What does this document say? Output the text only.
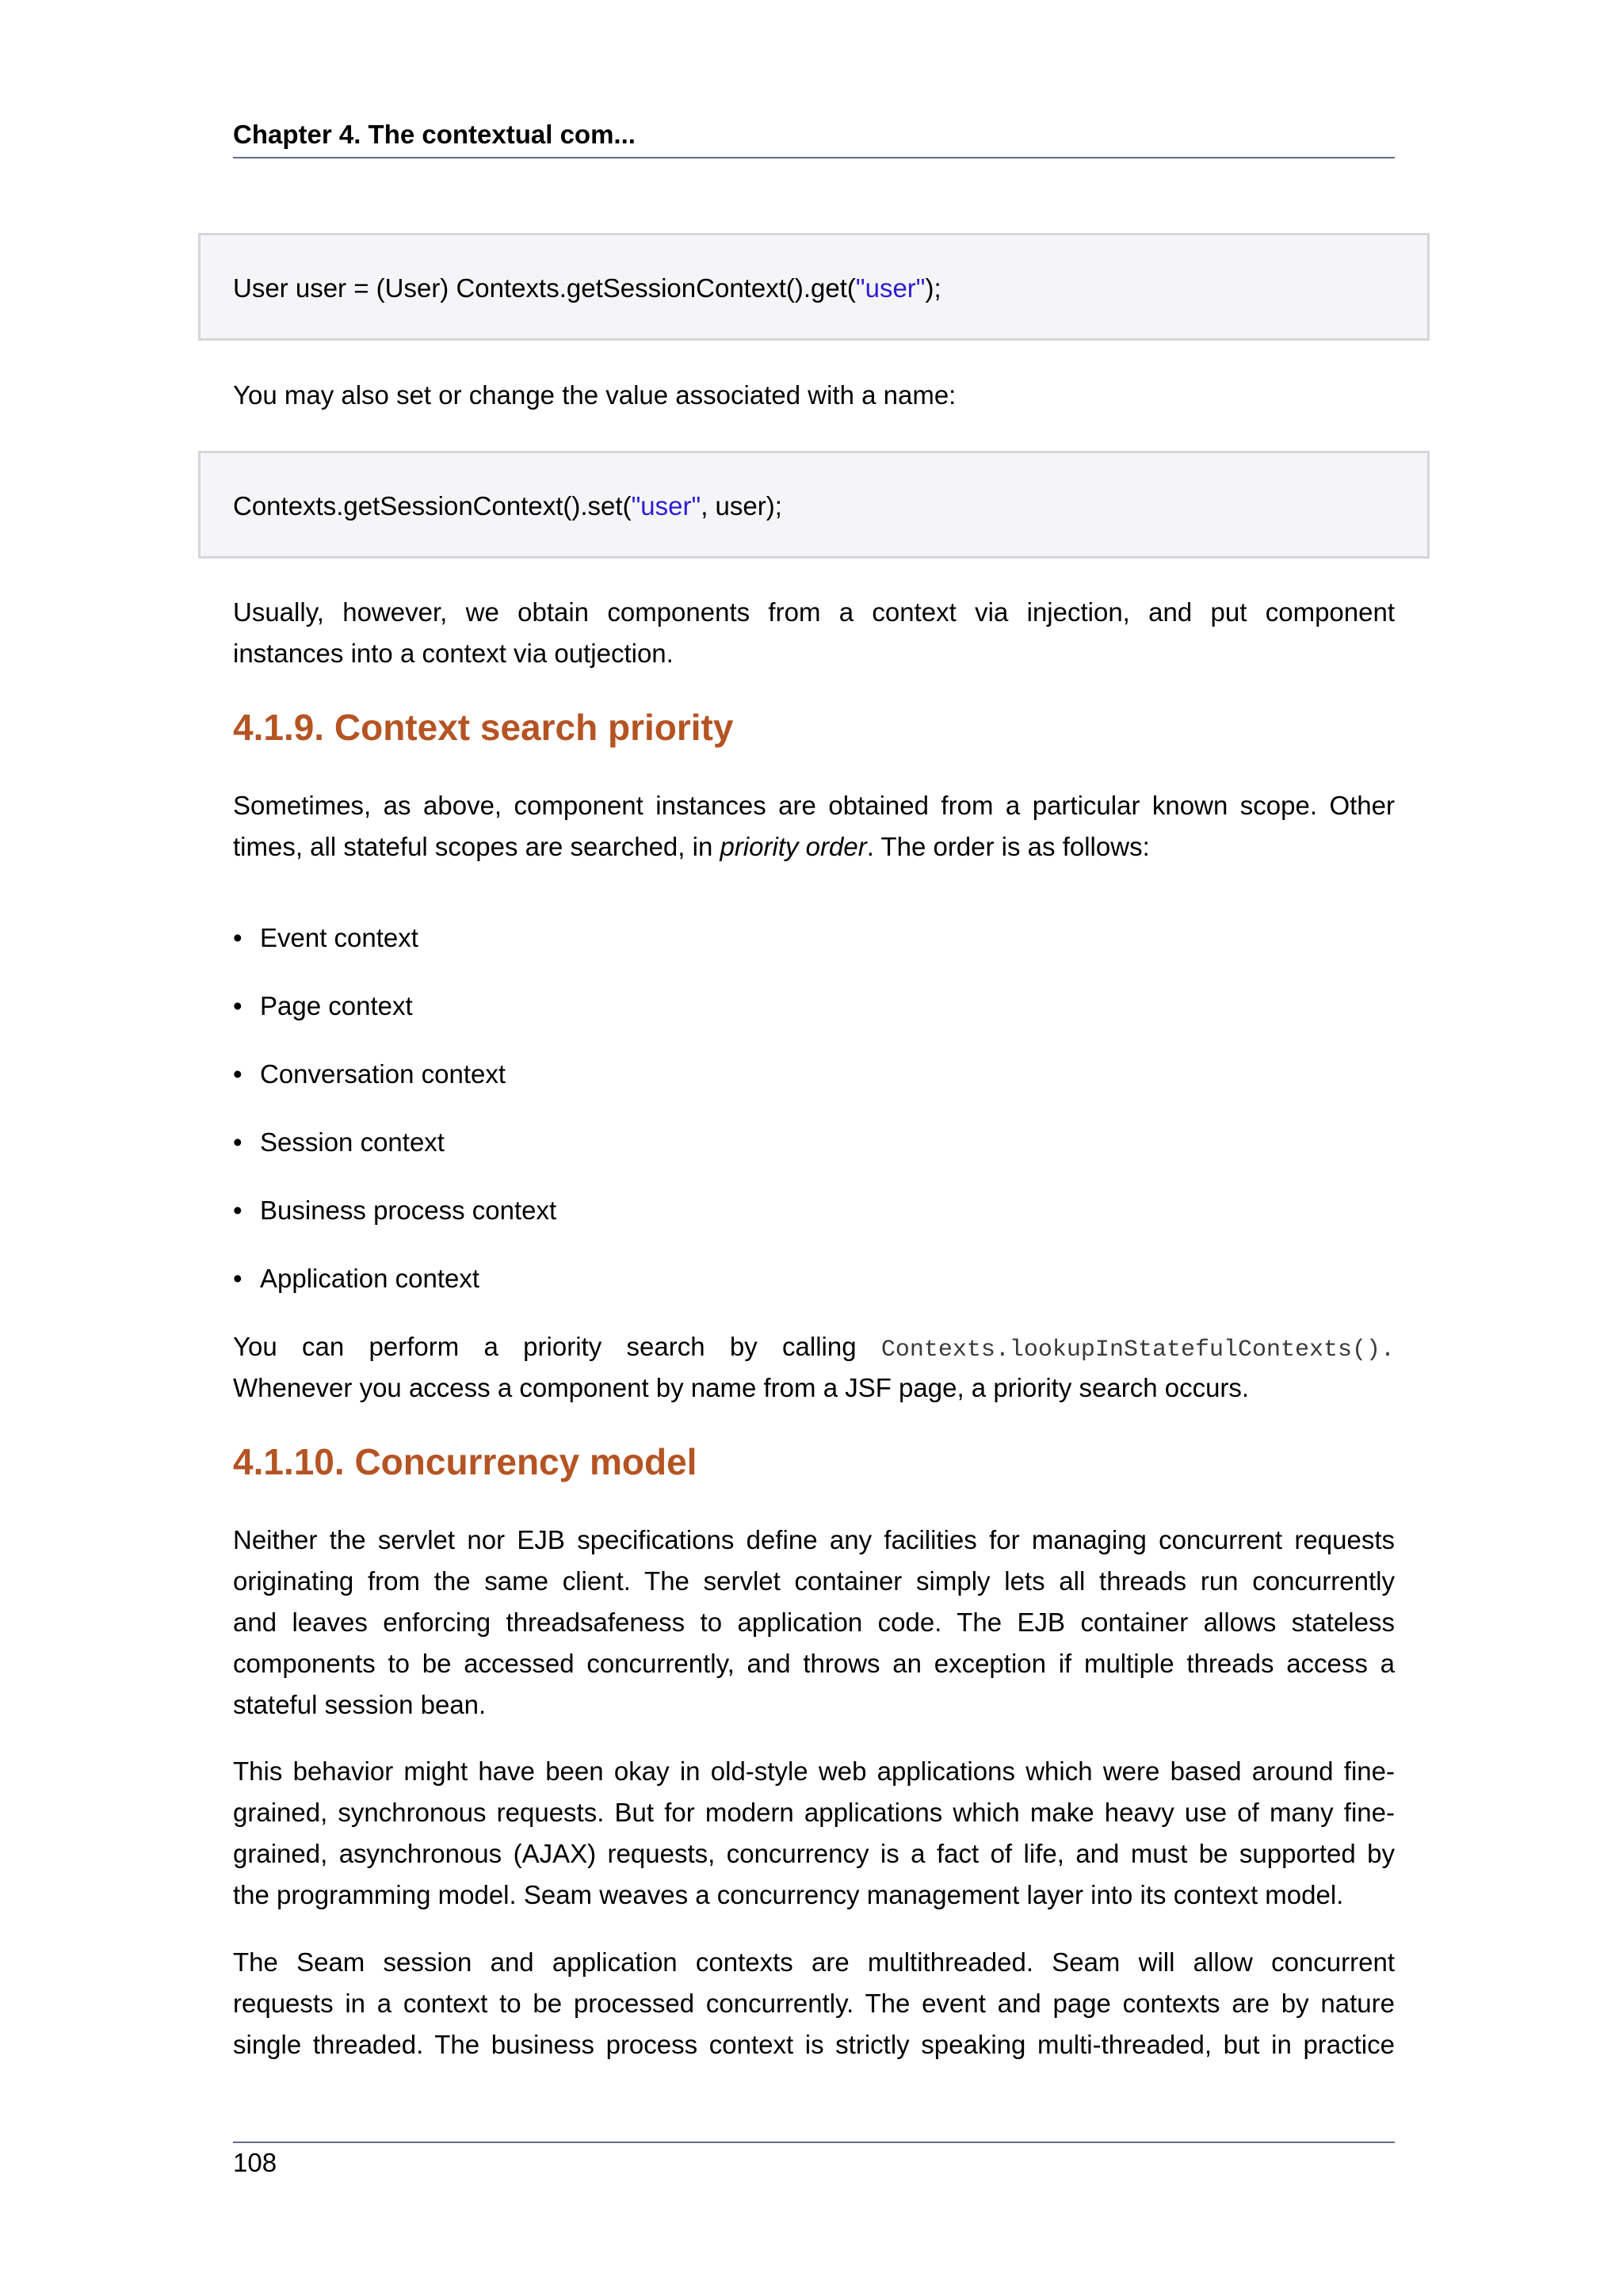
Chapter 4. The contextual com...
User user = (User) Contexts.getSessionContext().get("user");

You may also set or change the value associated with a name:

Contexts.getSessionContext().set("user", user);

Usually, however, we obtain components from a context via injection, and put component
instances into a context via outjection.

4.1.9. Context search priority

Sometimes, as above, component instances are obtained from a particular known scope. Other
times, all stateful scopes are searched, in priority order. The order is as follows:

• Event context
• Page context
• Conversation context
• Session context
• Business process context
• Application context

You can perform a priority search by calling Contexts.lookupInStatefulContexts().
Whenever you access a component by name from a JSF page, a priority search occurs.

4.1.10. Concurrency model

Neither the servlet nor EJB specifications define any facilities for managing concurrent requests
originating from the same client. The servlet container simply lets all threads run concurrently
and leaves enforcing threadsafeness to application code. The EJB container allows stateless
components to be accessed concurrently, and throws an exception if multiple threads access a
stateful session bean.

This behavior might have been okay in old-style web applications which were based around fine-
grained, synchronous requests. But for modern applications which make heavy use of many fine-
grained, asynchronous (AJAX) requests, concurrency is a fact of life, and must be supported by
the programming model. Seam weaves a concurrency management layer into its context model.

The Seam session and application contexts are multithreaded. Seam will allow concurrent
requests in a context to be processed concurrently. The event and page contexts are by nature
single threaded. The business process context is strictly speaking multi-threaded, but in practice

108
